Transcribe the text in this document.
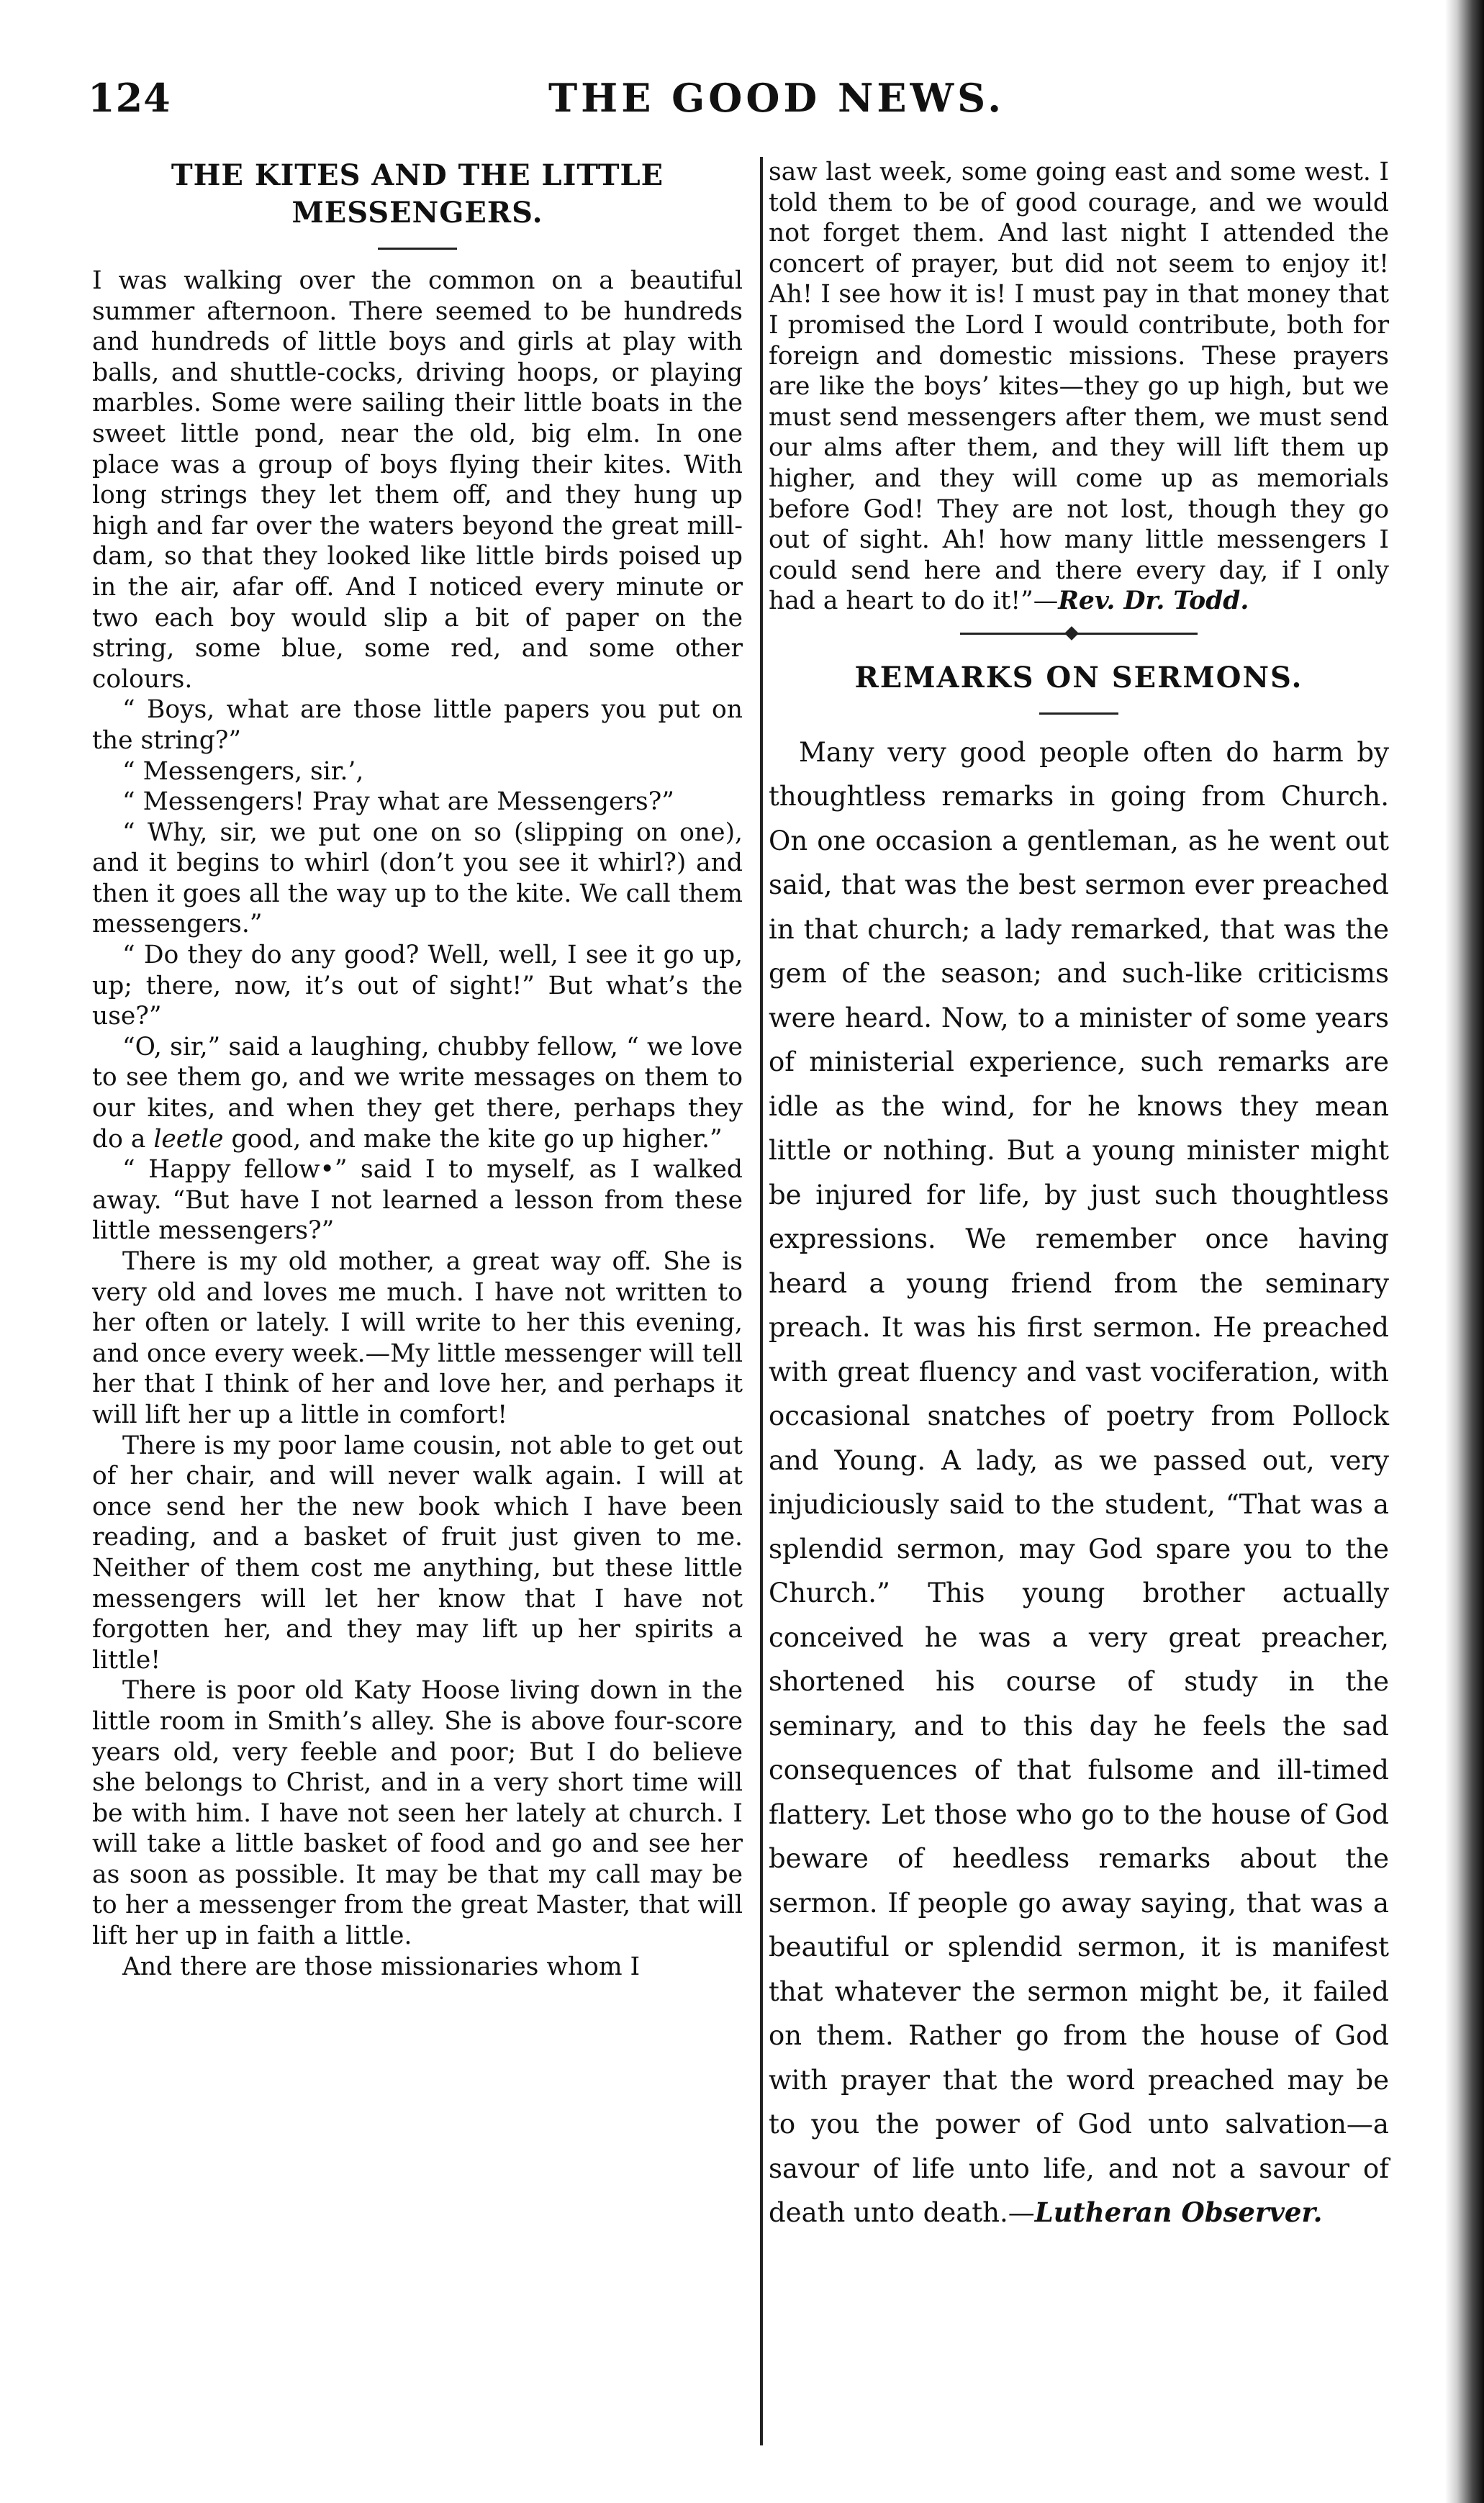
124	THE GOOD NEWS.
THE KITES AND THE LITTLE MESSENGERS.

I was walking over the common on a beautiful summer afternoon. There seemed to be hundreds and hundreds of little boys and girls at play with balls, and shuttle-cocks, driving hoops, or playing marbles. Some were sailing their little boats in the sweet little pond, near the old, big elm. In one place was a group of boys flying their kites. With long strings they let them off, and they hung up high and far over the waters beyond the great mill-dam, so that they looked like little birds poised up in the air, afar off. And I noticed every minute or two each boy would slip a bit of paper on the string, some blue, some red, and some other colours.

“ Boys, what are those little papers you put on the string?”

“ Messengers, sir.’,

“ Messengers! Pray what are Messengers?”

“ Why, sir, we put one on so (slipping on one), and it begins to whirl (don’t you see it whirl?) and then it goes all the way up to the kite. We call them messengers.”

“ Do they do any good? Well, well, I see it go up, up; there, now, it’s out of sight!” But what’s the use?”

“O, sir,” said a laughing, chubby fellow, “ we love to see them go, and we write messages on them to our kites, and when they get there, perhaps they do a leetle good, and make the kite go up higher.”

“ Happy fellow•” said I to myself, as I walked away. “But have I not learned a lesson from these little messengers?”

There is my old mother, a great way off. She is very old and loves me much. I have not written to her often or lately. I will write to her this evening, and once every week.—My little messenger will tell her that I think of her and love her, and perhaps it will lift her up a little in comfort!

There is my poor lame cousin, not able to get out of her chair, and will never walk again. I will at once send her the new book which I have been reading, and a basket of fruit just given to me. Neither of them cost me anything, but these little messengers will let her know that I have not forgotten her, and they may lift up her spirits a little!

There is poor old Katy Hoose living down in the little room in Smith’s alley. She is above four-score years old, very feeble and poor; But I do believe she belongs to Christ, and in a very short time will be with him. I have not seen her lately at church. I will take a little basket of food and go and see her as soon as possible. It may be that my call may be to her a messenger from the great Master, that will lift her up in faith a little.

And there are those missionaries whom I

saw last week, some going east and some west. I told them to be of good courage, and we would not forget them. And last night I attended the concert of prayer, but did not seem to enjoy it! Ah! I see how it is! I must pay in that money that I promised the Lord I would contribute, both for foreign and domestic missions. These prayers are like the boys’ kites—they go up high, but we must send messengers after them, we must send our alms after them, and they will lift them up higher, and they will come up as memorials before God! They are not lost, though they go out of sight. Ah! how many little messengers I could send here and there every day, if I only had a heart to do it!”—Rev. Dr. Todd.

REMARKS ON SERMONS.

Many very good people often do harm by thoughtless remarks in going from Church. On one occasion a gentleman, as he went out said, that was the best sermon ever preached in that church; a lady remarked, that was the gem of the season; and such-like criticisms were heard. Now, to a minister of some years of ministerial experience, such remarks are idle as the wind, for he knows they mean little or nothing. But a young minister might be injured for life, by just such thoughtless expressions. We remember once having heard a young friend from the seminary preach. It was his first sermon. He preached with great fluency and vast vociferation, with occasional snatches of poetry from Pollock and Young. A lady, as we passed out, very injudiciously said to the student, “That was a splendid sermon, may God spare you to the Church.” This young brother actually conceived he was a very great preacher, shortened his course of study in the seminary, and to this day he feels the sad consequences of that fulsome and ill-timed flattery. Let those who go to the house of God beware of heedless remarks about the sermon. If people go away saying, that was a beautiful or splendid sermon, it is manifest that whatever the sermon might be, it failed on them. Rather go from the house of God with prayer that the word preached may be to you the power of God unto salvation—a savour of life unto life, and not a savour of death unto death.—Lutheran Observer.
